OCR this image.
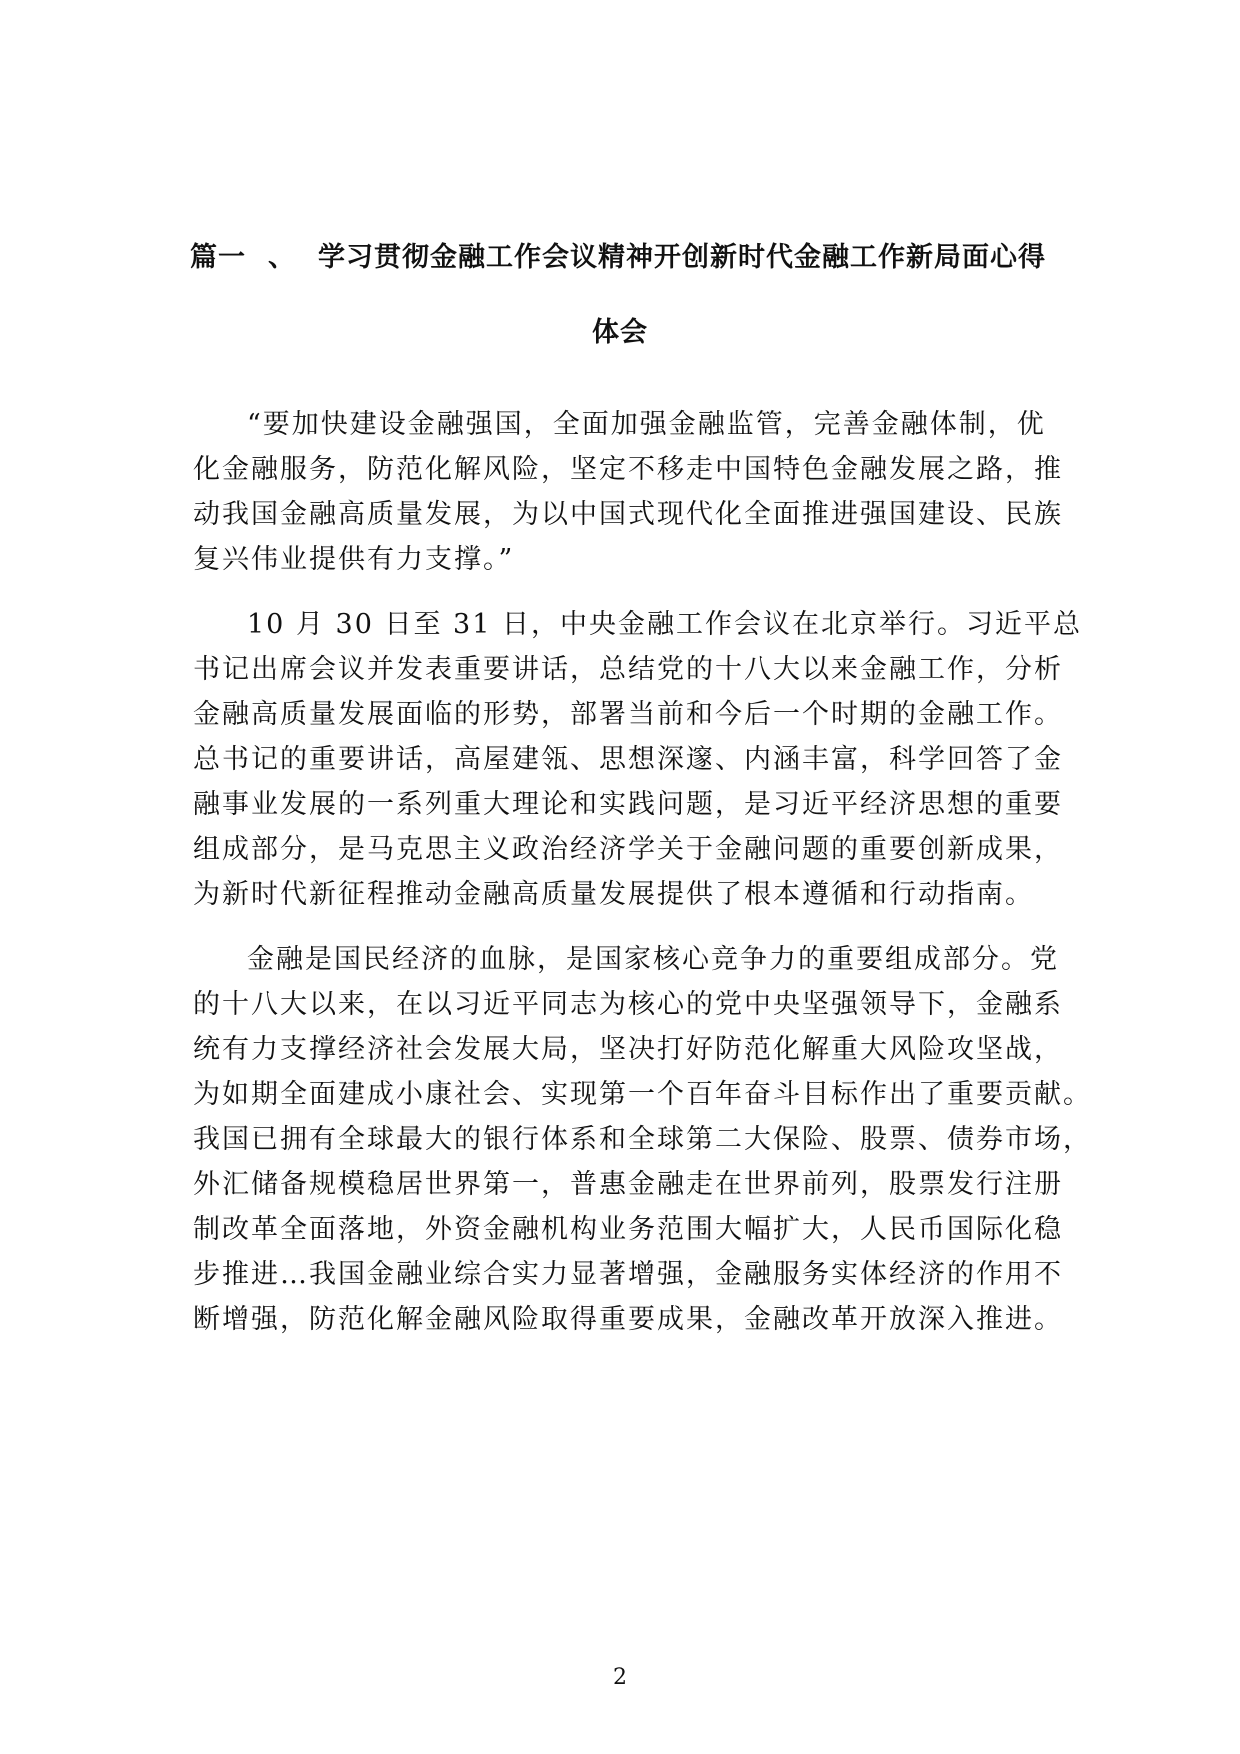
篇一 、 学习贯彻金融工作会议精神开创新时代金融工作新局面心得
体会
“要加快建设金融强国，全面加强金融监管，完善金融体制，优
化金融服务，防范化解风险，坚定不移走中国特色金融发展之路，推
动我国金融高质量发展，为以中国式现代化全面推进强国建设、民族
复兴伟业提供有力支撑。”
10 月 30 日至 31 日，中央金融工作会议在北京举行。习近平总
书记出席会议并发表重要讲话，总结党的十八大以来金融工作，分析
金融高质量发展面临的形势，部署当前和今后一个时期的金融工作。
总书记的重要讲话，高屋建瓴、思想深邃、内涵丰富，科学回答了金
融事业发展的一系列重大理论和实践问题，是习近平经济思想的重要
组成部分，是马克思主义政治经济学关于金融问题的重要创新成果，
为新时代新征程推动金融高质量发展提供了根本遵循和行动指南。
金融是国民经济的血脉，是国家核心竞争力的重要组成部分。党
的十八大以来，在以习近平同志为核心的党中央坚强领导下，金融系
统有力支撑经济社会发展大局，坚决打好防范化解重大风险攻坚战，
为如期全面建成小康社会、实现第一个百年奋斗目标作出了重要贡献。
我国已拥有全球最大的银行体系和全球第二大保险、股票、债券市场，
外汇储备规模稳居世界第一，普惠金融走在世界前列，股票发行注册
制改革全面落地，外资金融机构业务范围大幅扩大，人民币国际化稳
步推进…我国金融业综合实力显著增强，金融服务实体经济的作用不
断增强，防范化解金融风险取得重要成果，金融改革开放深入推进。
2
